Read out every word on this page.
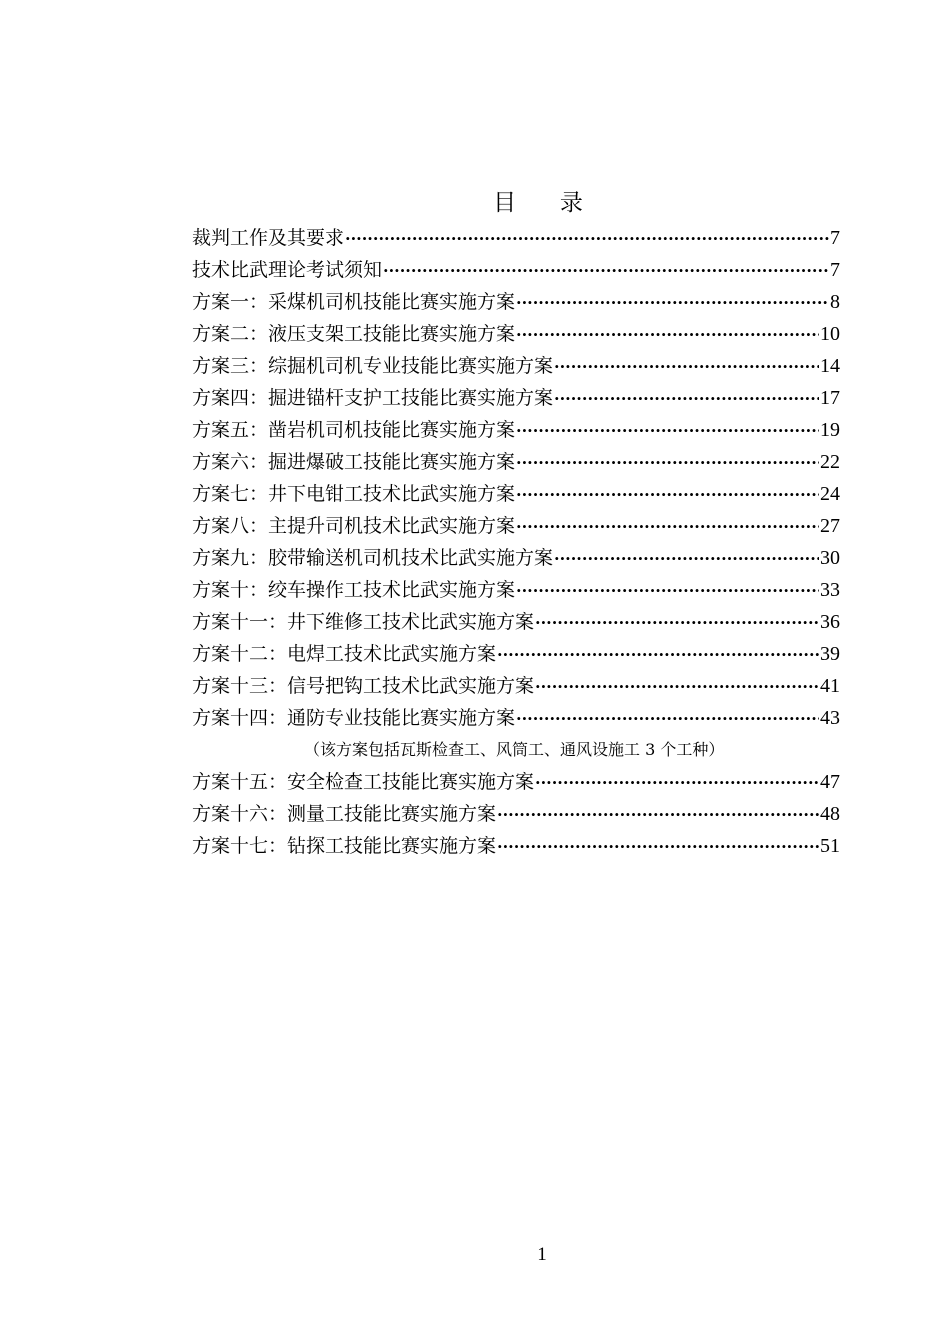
目      录
裁判工作及其要求 ·····	7
技术比武理论考试须知 ·····	7
方案一：采煤机司机技能比赛实施方案 ·····	8
方案二：液压支架工技能比赛实施方案 ·····	10
方案三：综掘机司机专业技能比赛实施方案 ·····	14
方案四：掘进锚杆支护工技能比赛实施方案 ·····	17
方案五：凿岩机司机技能比赛实施方案 ·····	19
方案六：掘进爆破工技能比赛实施方案 ·····	22
方案七：井下电钳工技术比武实施方案 ·····	24
方案八：主提升司机技术比武实施方案 ·····	27
方案九：胶带输送机司机技术比武实施方案 ·····	30
方案十：绞车操作工技术比武实施方案 ·····	33
方案十一：井下维修工技术比武实施方案 ·····	36
方案十二：电焊工技术比武实施方案 ·····	39
方案十三：信号把钩工技术比武实施方案 ·····	41
方案十四：通防专业技能比赛实施方案 ·····	43
（该方案包括瓦斯检查工、风筒工、通风设施工 3 个工种）
方案十五：安全检查工技能比赛实施方案 ·····	47
方案十六：测量工技能比赛实施方案 ·····	48
方案十七：钻探工技能比赛实施方案 ·····	51
1
